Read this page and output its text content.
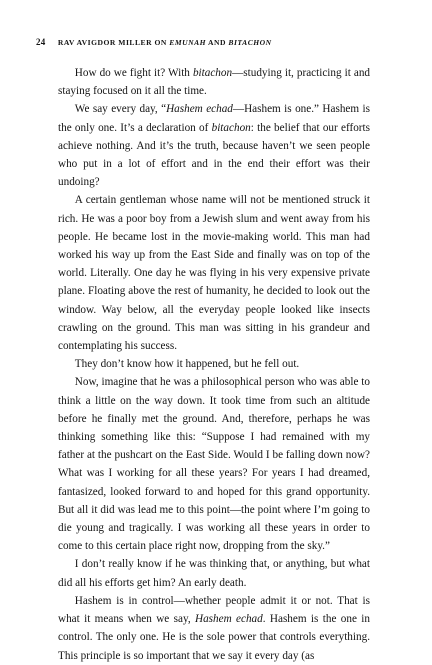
24 RAV AVIGDOR MILLER ON EMUNAH AND BITACHON

How do we fight it? With bitachon—studying it, practicing it and staying focused on it all the time.

We say every day, “Hashem echad—Hashem is one.” Hashem is the only one. It’s a declaration of bitachon: the belief that our efforts achieve nothing. And it’s the truth, because haven’t we seen people who put in a lot of effort and in the end their effort was their undoing?

A certain gentleman whose name will not be mentioned struck it rich. He was a poor boy from a Jewish slum and went away from his people. He became lost in the movie-making world. This man had worked his way up from the East Side and finally was on top of the world. Literally. One day he was flying in his very expensive private plane. Floating above the rest of humanity, he decided to look out the window. Way below, all the everyday people looked like insects crawling on the ground. This man was sitting in his grandeur and contemplating his success.

They don’t know how it happened, but he fell out.

Now, imagine that he was a philosophical person who was able to think a little on the way down. It took time from such an altitude before he finally met the ground. And, therefore, perhaps he was thinking something like this: “Suppose I had remained with my father at the pushcart on the East Side. Would I be falling down now? What was I working for all these years? For years I had dreamed, fantasized, looked forward to and hoped for this grand opportunity. But all it did was lead me to this point—the point where I’m going to die young and tragically. I was working all these years in order to come to this certain place right now, dropping from the sky.”

I don’t really know if he was thinking that, or anything, but what did all his efforts get him? An early death.

Hashem is in control—whether people admit it or not. That is what it means when we say, Hashem echad. Hashem is the one in control. The only one. He is the sole power that controls everything. This principle is so important that we say it every day (as
